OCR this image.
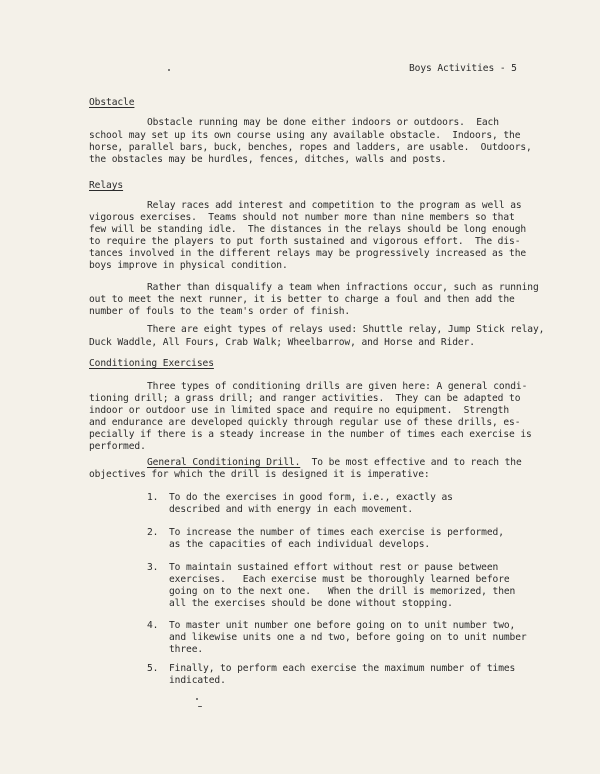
Boys Activities - 5
Obstacle
Obstacle running may be done either indoors or outdoors.  Each
school may set up its own course using any available obstacle.  Indoors, the
horse, parallel bars, buck, benches, ropes and ladders, are usable.  Outdoors,
the obstacles may be hurdles, fences, ditches, walls and posts.
Relays
Relay races add interest and competition to the program as well as
vigorous exercises.  Teams should not number more than nine members so that
few will be standing idle.  The distances in the relays should be long enough
to require the players to put forth sustained and vigorous effort.  The dis-
tances involved in the different relays may be progressively increased as the
boys improve in physical condition.
Rather than disqualify a team when infractions occur, such as running
out to meet the next runner, it is better to charge a foul and then add the
number of fouls to the team's order of finish.
There are eight types of relays used: Shuttle relay, Jump Stick relay,
Duck Waddle, All Fours, Crab Walk; Wheelbarrow, and Horse and Rider.
Conditioning Exercises
Three types of conditioning drills are given here: A general condi-
tioning drill; a grass drill; and ranger activities.  They can be adapted to
indoor or outdoor use in limited space and require no equipment.  Strength
and endurance are developed quickly through regular use of these drills, es-
pecially if there is a steady increase in the number of times each exercise is
performed.
General Conditioning Drill.  To be most effective and to reach the
objectives for which the drill is designed it is imperative:
1. To do the exercises in good form, i.e., exactly as
described and with energy in each movement.
2. To increase the number of times each exercise is performed,
as the capacities of each individual develops.
3. To maintain sustained effort without rest or pause between
exercises.   Each exercise must be thoroughly learned before
going on to the next one.   When the drill is memorized, then
all the exercises should be done without stopping.
4. To master unit number one before going on to unit number two,
and likewise units one a nd two, before going on to unit number
three.
5. Finally, to perform each exercise the maximum number of times
indicated.
